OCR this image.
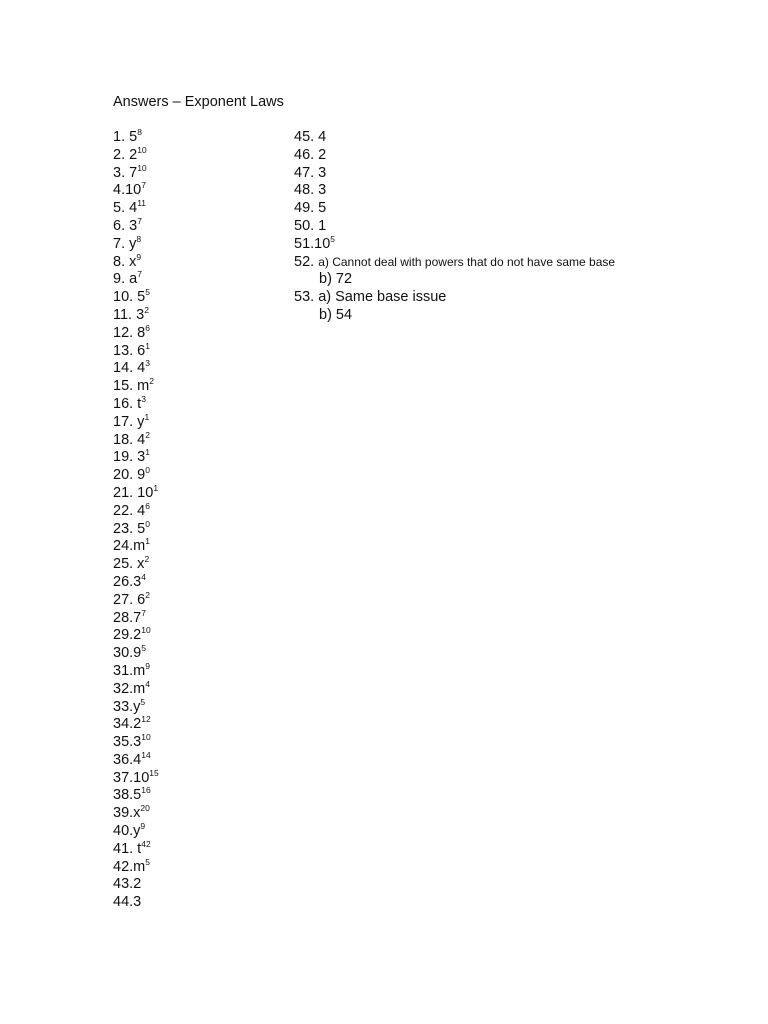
Answers – Exponent Laws
1. $5^8$
2. $2^{10}$
3. $7^{10}$
4.10$^7$
5. $4^{11}$
6. $3^7$
7. $y^8$
8. $x^9$
9. $a^7$
10. $5^5$
11. $3^2$
12. $8^6$
13. $6^1$
14. $4^3$
15. $m^2$
16. $t^3$
17. $y^1$
18. $4^2$
19. $3^1$
20. $9^0$
21. $10^1$
22. $4^6$
23. $5^0$
$24.m^1$
25. $x^2$
26.3$^4$
27. $6^2$
28.7$^7$
29.2$^{10}$
30.9$^5$
$31.m^9$
$32.m^4$
$33.y^5$
34.2$^{12}$
35.3$^{10}$
36.4$^{14}$
37.10$^{15}$
38.5$^{16}$
$39.x^{20}$
$40.y^9$
41. $t^{42}$
$42.m^5$
43.2
44.3
45. 4
46. 2
47. 3
48. 3
49. 5
50. 1
51.10$^5$
52. a) Cannot deal with powers that do not have same base
b) 72
53. a) Same base issue
b) 54
